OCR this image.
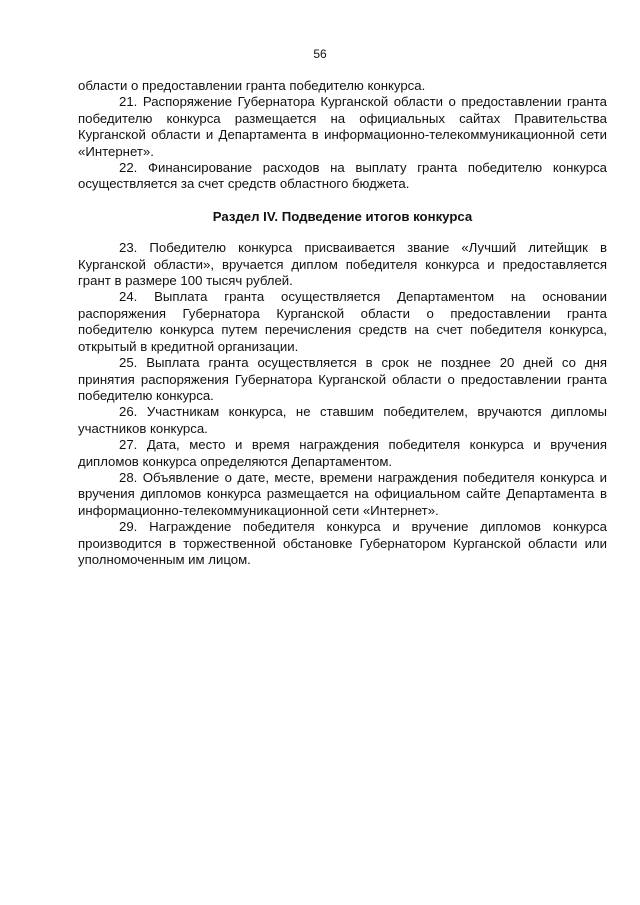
56

области о предоставлении гранта победителю конкурса.

21. Распоряжение Губернатора Курганской области о предоставлении гранта победителю конкурса размещается на официальных сайтах Правительства Курганской области и Департамента в информационно-телекоммуникационной сети «Интернет».

22. Финансирование расходов на выплату гранта победителю конкурса осуществляется за счет средств областного бюджета.

Раздел IV. Подведение итогов конкурса

23. Победителю конкурса присваивается звание «Лучший литейщик в Курганской области», вручается диплом победителя конкурса и предоставляется грант в размере 100 тысяч рублей.

24. Выплата гранта осуществляется Департаментом на основании распоряжения Губернатора Курганской области о предоставлении гранта победителю конкурса путем перечисления средств на счет победителя конкурса, открытый в кредитной организации.

25. Выплата гранта осуществляется в срок не позднее 20 дней со дня принятия распоряжения Губернатора Курганской области о предоставлении гранта победителю конкурса.

26. Участникам конкурса, не ставшим победителем, вручаются дипломы участников конкурса.

27. Дата, место и время награждения победителя конкурса и вручения дипломов конкурса определяются Департаментом.

28. Объявление о дате, месте, времени награждения победителя конкурса и вручения дипломов конкурса размещается на официальном сайте Департамента в информационно-телекоммуникационной сети «Интернет».

29. Награждение победителя конкурса и вручение дипломов конкурса производится в торжественной обстановке Губернатором Курганской области или уполномоченным им лицом.
